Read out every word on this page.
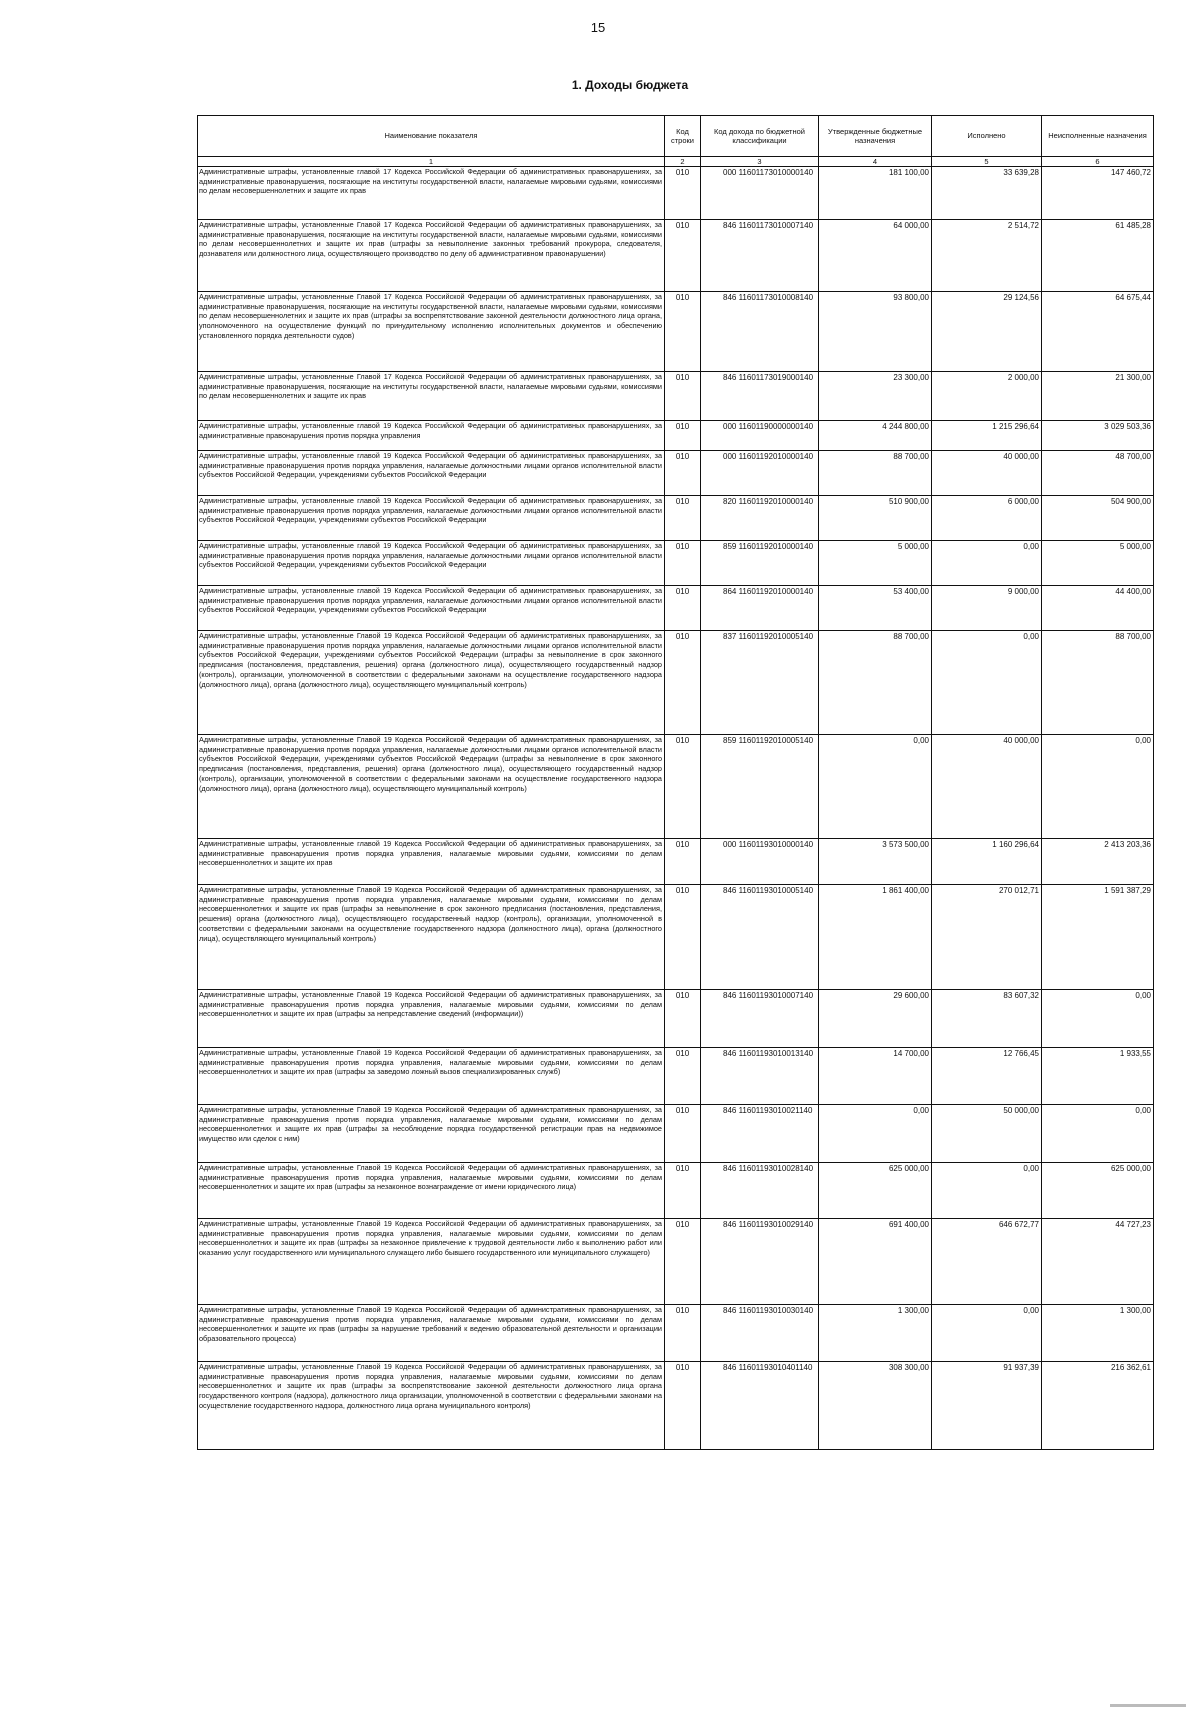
15
1. Доходы бюджета
Наименование показателя	Код строки	Код дохода по бюджетной классификации	Утвержденные бюджетные назначения	Исполнено	Неисполненные назначения
1	2	3	4	5	6
Административные штрафы, установленные главой 17 Кодекса Российской Федерации об административных правонарушениях, за административные правонарушения, посягающие на институты государственной власти, налагаемые мировыми судьями, комиссиями по делам несовершеннолетних и защите их прав	010	000 11601173010000140	181 100,00	33 639,28	147 460,72
Административные штрафы, установленные Главой 17 Кодекса Российской Федерации об административных правонарушениях, за административные правонарушения, посягающие на институты государственной власти, налагаемые мировыми судьями, комиссиями по делам несовершеннолетних и защите их прав (штрафы за невыполнение законных требований прокурора, следователя, дознавателя или должностного лица, осуществляющего производство по делу об административном правонарушении)	010	846 11601173010007140	64 000,00	2 514,72	61 485,28
Административные штрафы, установленные Главой 17 Кодекса Российской Федерации об административных правонарушениях, за административные правонарушения, посягающие на институты государственной власти, налагаемые мировыми судьями, комиссиями по делам несовершеннолетних и защите их прав (штрафы за воспрепятствование законной деятельности должностного лица органа, уполномоченного на осуществление функций по принудительному исполнению исполнительных документов и обеспечению установленного порядка деятельности судов)	010	846 11601173010008140	93 800,00	29 124,56	64 675,44
Административные штрафы, установленные Главой 17 Кодекса Российской Федерации об административных правонарушениях, за административные правонарушения, посягающие на институты государственной власти, налагаемые мировыми судьями, комиссиями по делам несовершеннолетних и защите их прав	010	846 11601173019000140	23 300,00	2 000,00	21 300,00
Административные штрафы, установленные главой 19 Кодекса Российской Федерации об административных правонарушениях, за административные правонарушения против порядка управления	010	000 11601190000000140	4 244 800,00	1 215 296,64	3 029 503,36
Административные штрафы, установленные главой 19 Кодекса Российской Федерации об административных правонарушениях, за административные правонарушения против порядка управления, налагаемые должностными лицами органов исполнительной власти субъектов Российской Федерации, учреждениями субъектов Российской Федерации	010	000 11601192010000140	88 700,00	40 000,00	48 700,00
Административные штрафы, установленные главой 19 Кодекса Российской Федерации об административных правонарушениях, за административные правонарушения против порядка управления, налагаемые должностными лицами органов исполнительной власти субъектов Российской Федерации, учреждениями субъектов Российской Федерации	010	820 11601192010000140	510 900,00	6 000,00	504 900,00
Административные штрафы, установленные главой 19 Кодекса Российской Федерации об административных правонарушениях, за административные правонарушения против порядка управления, налагаемые должностными лицами органов исполнительной власти субъектов Российской Федерации, учреждениями субъектов Российской Федерации	010	859 11601192010000140	5 000,00	0,00	5 000,00
Административные штрафы, установленные главой 19 Кодекса Российской Федерации об административных правонарушениях, за административные правонарушения против порядка управления, налагаемые должностными лицами органов исполнительной власти субъектов Российской Федерации, учреждениями субъектов Российской Федерации	010	864 11601192010000140	53 400,00	9 000,00	44 400,00
Административные штрафы, установленные Главой 19 Кодекса Российской Федерации об административных правонарушениях, за административные правонарушения против порядка управления, налагаемые должностными лицами органов исполнительной власти субъектов Российской Федерации, учреждениями субъектов Российской Федерации (штрафы за невыполнение в срок законного предписания (постановления, представления, решения) органа (должностного лица), осуществляющего государственный надзор (контроль), организации, уполномоченной в соответствии с федеральными законами на осуществление государственного надзора (должностного лица), органа (должностного лица), осуществляющего муниципальный контроль)	010	837 11601192010005140	88 700,00	0,00	88 700,00
Административные штрафы, установленные Главой 19 Кодекса Российской Федерации об административных правонарушениях, за административные правонарушения против порядка управления, налагаемые должностными лицами органов исполнительной власти субъектов Российской Федерации, учреждениями субъектов Российской Федерации (штрафы за невыполнение в срок законного предписания (постановления, представления, решения) органа (должностного лица), осуществляющего государственный надзор (контроль), организации, уполномоченной в соответствии с федеральными законами на осуществление государственного надзора (должностного лица), органа (должностного лица), осуществляющего муниципальный контроль)	010	859 11601192010005140	0,00	40 000,00	0,00
Административные штрафы, установленные главой 19 Кодекса Российской Федерации об административных правонарушениях, за административные правонарушения против порядка управления, налагаемые мировыми судьями, комиссиями по делам несовершеннолетних и защите их прав	010	000 11601193010000140	3 573 500,00	1 160 296,64	2 413 203,36
Административные штрафы, установленные Главой 19 Кодекса Российской Федерации об административных правонарушениях, за административные правонарушения против порядка управления, налагаемые мировыми судьями, комиссиями по делам несовершеннолетних и защите их прав (штрафы за невыполнение в срок законного предписания (постановления, представления, решения) органа (должностного лица), осуществляющего государственный надзор (контроль), организации, уполномоченной в соответствии с федеральными законами на осуществление государственного надзора (должностного лица), органа (должностного лица), осуществляющего муниципальный контроль)	010	846 11601193010005140	1 861 400,00	270 012,71	1 591 387,29
Административные штрафы, установленные Главой 19 Кодекса Российской Федерации об административных правонарушениях, за административные правонарушения против порядка управления, налагаемые мировыми судьями, комиссиями по делам несовершеннолетних и защите их прав (штрафы за непредставление сведений (информации))	010	846 11601193010007140	29 600,00	83 607,32	0,00
Административные штрафы, установленные Главой 19 Кодекса Российской Федерации об административных правонарушениях, за административные правонарушения против порядка управления, налагаемые мировыми судьями, комиссиями по делам несовершеннолетних и защите их прав (штрафы за заведомо ложный вызов специализированных служб)	010	846 11601193010013140	14 700,00	12 766,45	1 933,55
Административные штрафы, установленные Главой 19 Кодекса Российской Федерации об административных правонарушениях, за административные правонарушения против порядка управления, налагаемые мировыми судьями, комиссиями по делам несовершеннолетних и защите их прав (штрафы за несоблюдение порядка государственной регистрации прав на недвижимое имущество или сделок с ним)	010	846 11601193010021140	0,00	50 000,00	0,00
Административные штрафы, установленные Главой 19 Кодекса Российской Федерации об административных правонарушениях, за административные правонарушения против порядка управления, налагаемые мировыми судьями, комиссиями по делам несовершеннолетних и защите их прав (штрафы за незаконное вознаграждение от имени юридического лица)	010	846 11601193010028140	625 000,00	0,00	625 000,00
Административные штрафы, установленные Главой 19 Кодекса Российской Федерации об административных правонарушениях, за административные правонарушения против порядка управления, налагаемые мировыми судьями, комиссиями по делам несовершеннолетних и защите их прав (штрафы за незаконное привлечение к трудовой деятельности либо к выполнению работ или оказанию услуг государственного или муниципального служащего либо бывшего государственного или муниципального служащего)	010	846 11601193010029140	691 400,00	646 672,77	44 727,23
Административные штрафы, установленные Главой 19 Кодекса Российской Федерации об административных правонарушениях, за административные правонарушения против порядка управления, налагаемые мировыми судьями, комиссиями по делам несовершеннолетних и защите их прав (штрафы за нарушение требований к ведению образовательной деятельности и организации образовательного процесса)	010	846 11601193010030140	1 300,00	0,00	1 300,00
Административные штрафы, установленные Главой 19 Кодекса Российской Федерации об административных правонарушениях, за административные правонарушения против порядка управления, налагаемые мировыми судьями, комиссиями по делам несовершеннолетних и защите их прав (штрафы за воспрепятствование законной деятельности должностного лица органа государственного контроля (надзора), должностного лица организации, уполномоченной в соответствии с федеральными законами на осуществление государственного надзора, должностного лица органа муниципального контроля)	010	846 11601193010401140	308 300,00	91 937,39	216 362,61
